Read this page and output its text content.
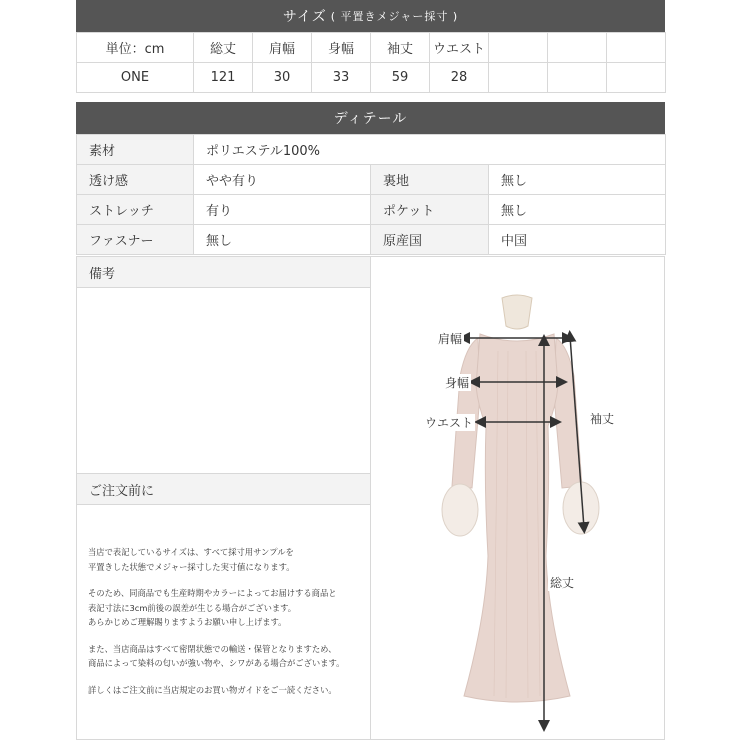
サイズ ( 平置きメジャー採寸 )
単位：cm	総丈	肩幅	身幅	袖丈	ウエスト			
ONE	121	30	33	59	28			
ディテール
素材	ポリエステル100%		
透け感	やや有り	裏地	無し
ストレッチ	有り	ポケット	無し
ファスナー	無し	原産国	中国
備考
ご注文前に

当店で表記しているサイズは、すべて採寸用サンプルを
平置きした状態でメジャー採寸した実寸値になります。

そのため、同商品でも生産時期やカラーによってお届けする商品と
表記寸法に3cm前後の誤差が生じる場合がございます。
あらかじめご理解賜りますようお願い申し上げます。

また、当店商品はすべて密閉状態での輸送・保管となりますため、
商品によって染料の匂いが強い物や、シワがある場合がございます。

詳しくはご注文前に当店規定のお買い物ガイドをご一読ください。

肩幅
身幅
ウエスト	袖丈
総丈
